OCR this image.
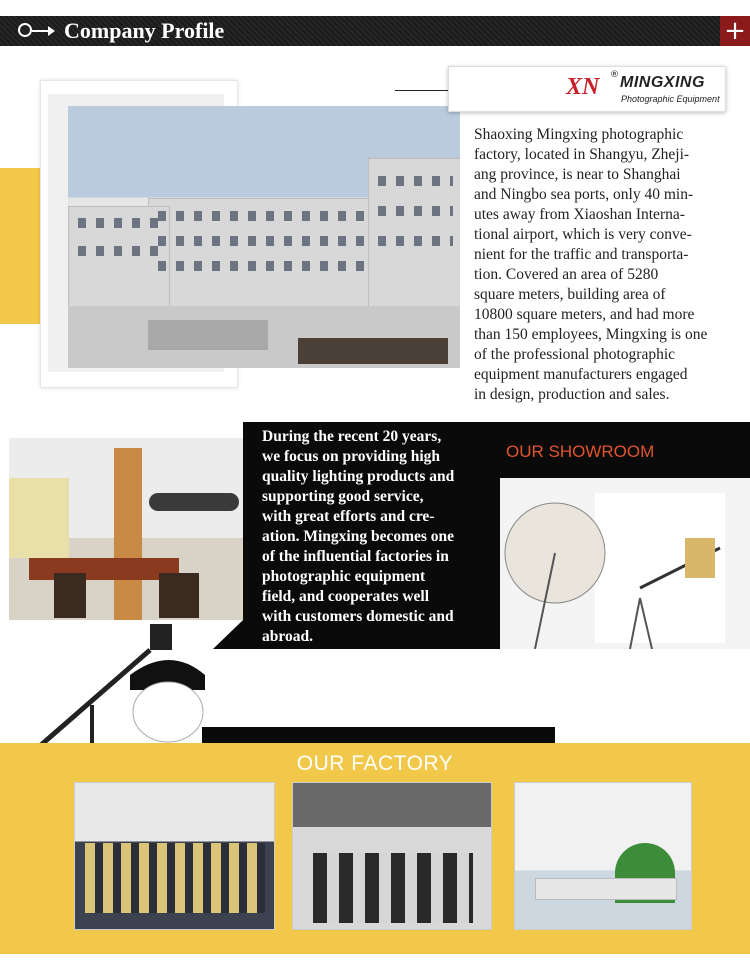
Company Profile	+
XN ® MINGXING
Photographic Equipment
Shaoxing Mingxing photographic
factory, located in Shangyu, Zheji-
ang province, is near to Shanghai
and Ningbo sea ports, only 40 min-
utes away from Xiaoshan Interna-
tional airport, which is very conve-
nient for the traffic and transporta-
tion. Covered an area of 5280
square meters, building area of
10800 square meters, and had more
than 150 employees, Mingxing is one
of the professional photographic
equipment manufacturers engaged
in design, production and sales.
During the recent 20 years,
we focus on providing high
quality lighting products and
supporting good service,
with great efforts and cre-
ation. Mingxing becomes one
of the influential factories in
photographic equipment
field, and cooperates well
with customers domestic and
abroad.
OUR SHOWROOM
OUR FACTORY
